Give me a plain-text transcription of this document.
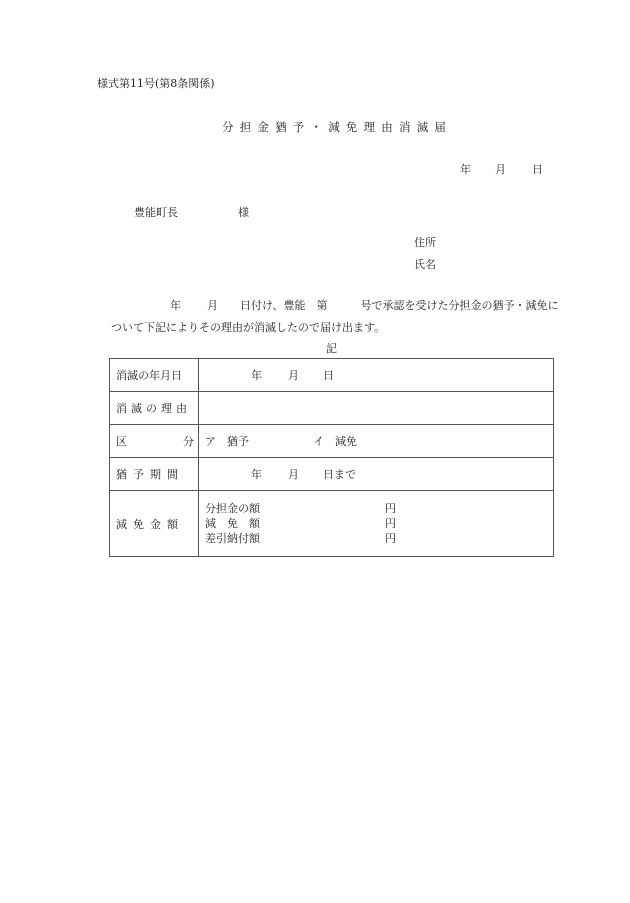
様式第11号(第8条関係)
分担金猶予・減免理由消滅届
年 月 日
豊能町長	様
住所
氏名
年 月 日付け、豊能　第　　　号で承認を受けた分担金の猶予・減免に
ついて下記によりその理由が消滅したので届け出ます。
記
消滅の年月日	年 月 日

消滅の理由	

区 分	ア　猶予 イ　減免

猶予期間	年 月 日まで

減免金額	
分担金の額	円
減　免　額	円
差引納付額	円
